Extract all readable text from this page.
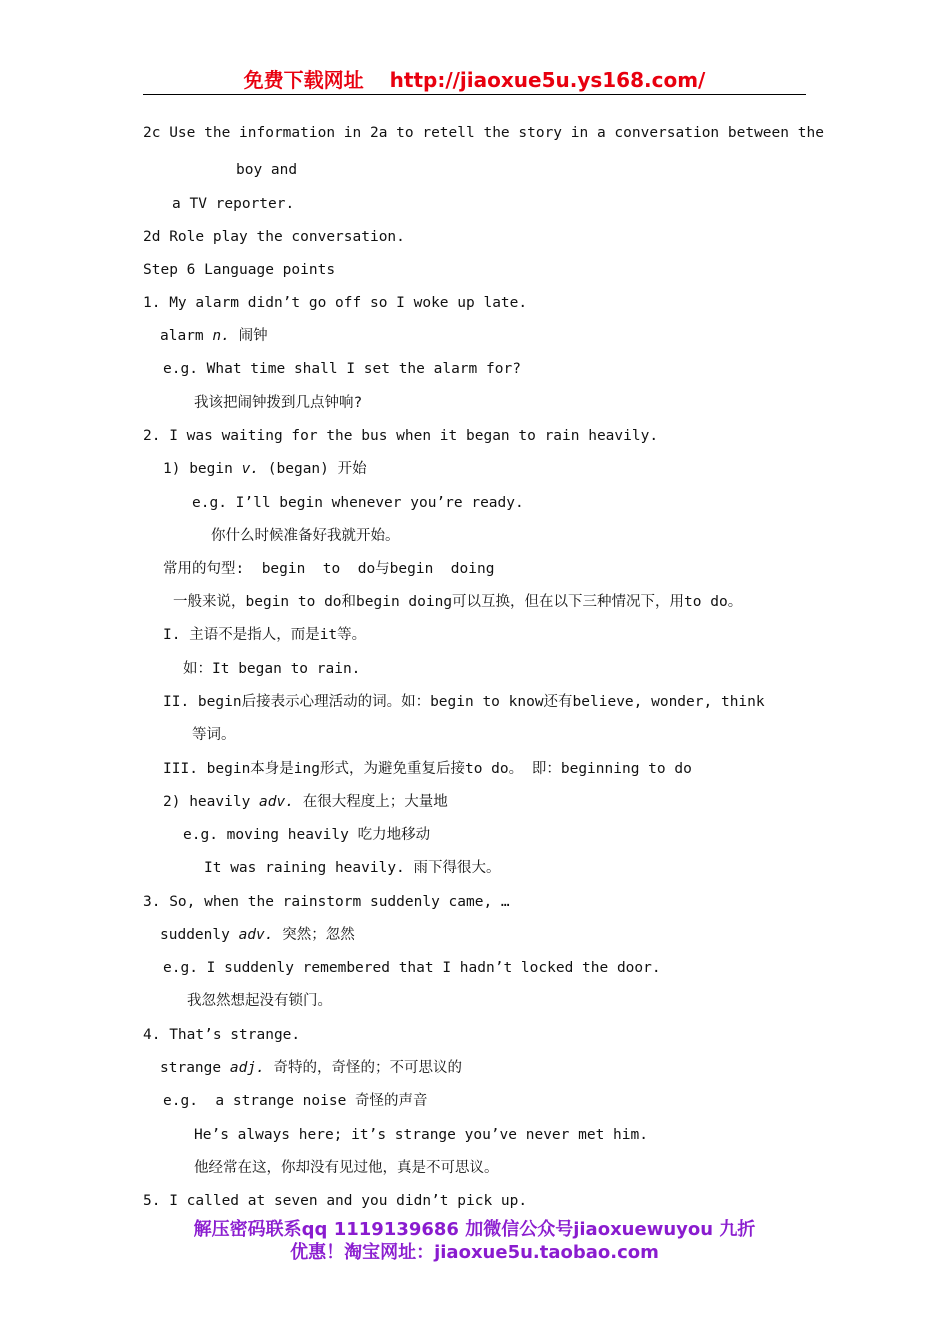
免费下载网址 http://jiaoxue5u.ys168.com/
2c Use the information in 2a to retell the story in a conversation between the
boy and
a TV reporter.
2d Role play the conversation.
Step 6 Language points
1. My alarm didn’t go off so I woke up late.
alarm n. 闹钟
e.g. What time shall I set the alarm for?
我该把闹钟拨到几点钟响?
2. I was waiting for the bus when it began to rain heavily.
1) begin v. (began) 开始
e.g. I’ll begin whenever you’re ready.
你什么时候准备好我就开始。
常用的句型:  begin  to  do与begin  doing
一般来说，begin to do和begin doing可以互换，但在以下三种情况下，用to do。
I. 主语不是指人，而是it等。
如：It began to rain.
II. begin后接表示心理活动的词。如：begin to know还有believe, wonder, think
等词。
III. begin本身是ing形式，为避免重复后接to do。 即：beginning to do
2) heavily adv. 在很大程度上；大量地
e.g. moving heavily 吃力地移动
It was raining heavily. 雨下得很大。
3. So, when the rainstorm suddenly came, …
suddenly adv. 突然；忽然
e.g. I suddenly remembered that I hadn’t locked the door.
我忽然想起没有锁门。
4. That’s strange.
strange adj. 奇特的，奇怪的；不可思议的
e.g.  a strange noise 奇怪的声音
He’s always here; it’s strange you’ve never met him.
他经常在这，你却没有见过他，真是不可思议。
5. I called at seven and you didn’t pick up.
解压密码联系qq 1119139686 加微信公众号jiaoxuewuyou 九折
优惠！淘宝网址：jiaoxue5u.taobao.com
